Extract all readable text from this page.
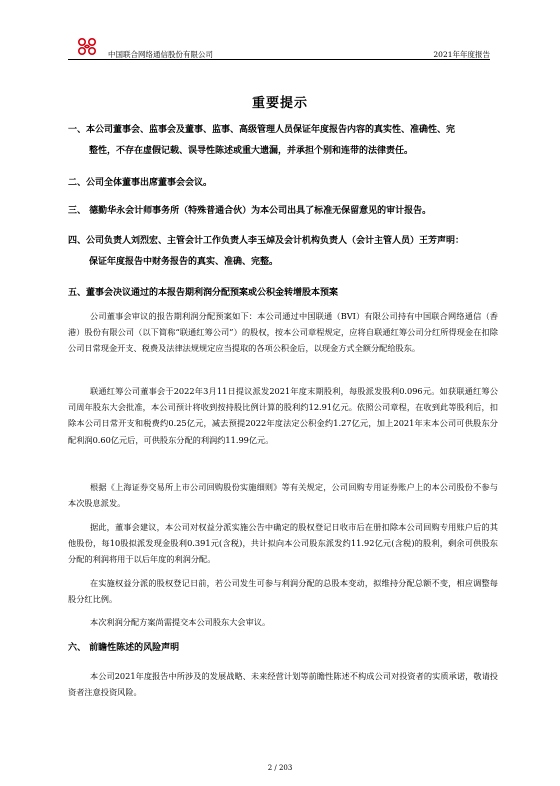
中国联合网络通信股份有限公司	2021年年度报告
重要提示
一、本公司董事会、监事会及董事、监事、高级管理人员保证年度报告内容的真实性、准确性、完
整性，不存在虚假记载、误导性陈述或重大遗漏，并承担个别和连带的法律责任。
二、公司全体董事出席董事会会议。
三、 德勤华永会计师事务所（特殊普通合伙）为本公司出具了标准无保留意见的审计报告。
四、公司负责人刘烈宏、主管会计工作负责人李玉焯及会计机构负责人（会计主管人员）王芳声明：
保证年度报告中财务报告的真实、准确、完整。
五、董事会决议通过的本报告期利润分配预案或公积金转增股本预案

公司董事会审议的报告期利润分配预案如下：本公司通过中国联通（BVI）有限公司持有中国联合网络通信（香港）股份有限公司（以下简称“联通红筹公司”）的股权，按本公司章程规定，应将自联通红筹公司分红所得现金在扣除公司日常现金开支、税费及法律法规规定应当提取的各项公积金后，以现金方式全额分配给股东。

联通红筹公司董事会于2022年3月11日提议派发2021年度末期股利，每股派发股利0.096元。如获联通红筹公司周年股东大会批准，本公司预计将收到按持股比例计算的股利约12.91亿元。依照公司章程，在收到此等股利后，扣除本公司日常开支和税费约0.25亿元，减去预提2022年度法定公积金约1.27亿元，加上2021年末本公司可供股东分配利润0.60亿元后，可供股东分配的利润约11.99亿元。

根据《上海证券交易所上市公司回购股份实施细则》等有关规定，公司回购专用证券账户上的本公司股份不参与本次股息派发。

据此，董事会建议，本公司对权益分派实施公告中确定的股权登记日收市后在册扣除本公司回购专用账户后的其他股份，每10股拟派发现金股利0.391元(含税)，共计拟向本公司股东派发约11.92亿元(含税)的股利，剩余可供股东分配的利润将用于以后年度的利润分配。

在实施权益分派的股权登记日前，若公司发生可参与利润分配的总股本变动，拟维持分配总额不变，相应调整每股分红比例。

本次利润分配方案尚需提交本公司股东大会审议。

六、 前瞻性陈述的风险声明

本公司2021年度报告中所涉及的发展战略、未来经营计划等前瞻性陈述不构成公司对投资者的实质承诺，敬请投资者注意投资风险。

2 / 203
